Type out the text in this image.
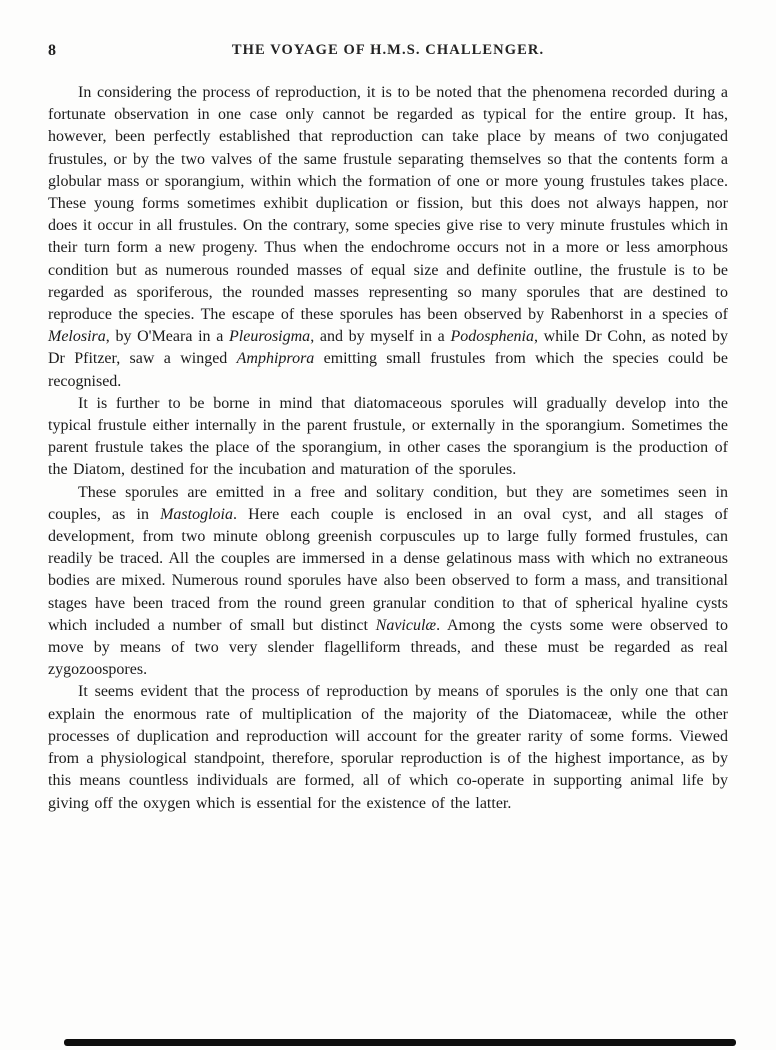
8	THE VOYAGE OF H.M.S. CHALLENGER.

In considering the process of reproduction, it is to be noted that the phenomena recorded during a fortunate observation in one case only cannot be regarded as typical for the entire group. It has, however, been perfectly established that reproduction can take place by means of two conjugated frustules, or by the two valves of the same frustule separating themselves so that the contents form a globular mass or sporangium, within which the formation of one or more young frustules takes place. These young forms sometimes exhibit duplication or fission, but this does not always happen, nor does it occur in all frustules. On the contrary, some species give rise to very minute frustules which in their turn form a new progeny. Thus when the endochrome occurs not in a more or less amorphous condition but as numerous rounded masses of equal size and definite outline, the frustule is to be regarded as sporiferous, the rounded masses representing so many sporules that are destined to reproduce the species. The escape of these sporules has been observed by Rabenhorst in a species of Melosira, by O'Meara in a Pleurosigma, and by myself in a Podosphenia, while Dr Cohn, as noted by Dr Pfitzer, saw a winged Amphiprora emitting small frustules from which the species could be recognised.

It is further to be borne in mind that diatomaceous sporules will gradually develop into the typical frustule either internally in the parent frustule, or externally in the sporangium. Sometimes the parent frustule takes the place of the sporangium, in other cases the sporangium is the production of the Diatom, destined for the incubation and maturation of the sporules.

These sporules are emitted in a free and solitary condition, but they are sometimes seen in couples, as in Mastogloia. Here each couple is enclosed in an oval cyst, and all stages of development, from two minute oblong greenish corpuscules up to large fully formed frustules, can readily be traced. All the couples are immersed in a dense gelatinous mass with which no extraneous bodies are mixed. Numerous round sporules have also been observed to form a mass, and transitional stages have been traced from the round green granular condition to that of spherical hyaline cysts which included a number of small but distinct Naviculæ. Among the cysts some were observed to move by means of two very slender flagelliform threads, and these must be regarded as real zygozoospores.

It seems evident that the process of reproduction by means of sporules is the only one that can explain the enormous rate of multiplication of the majority of the Diatomaceæ, while the other processes of duplication and reproduction will account for the greater rarity of some forms. Viewed from a physiological standpoint, therefore, sporular reproduction is of the highest importance, as by this means countless individuals are formed, all of which co-operate in supporting animal life by giving off the oxygen which is essential for the existence of the latter.
